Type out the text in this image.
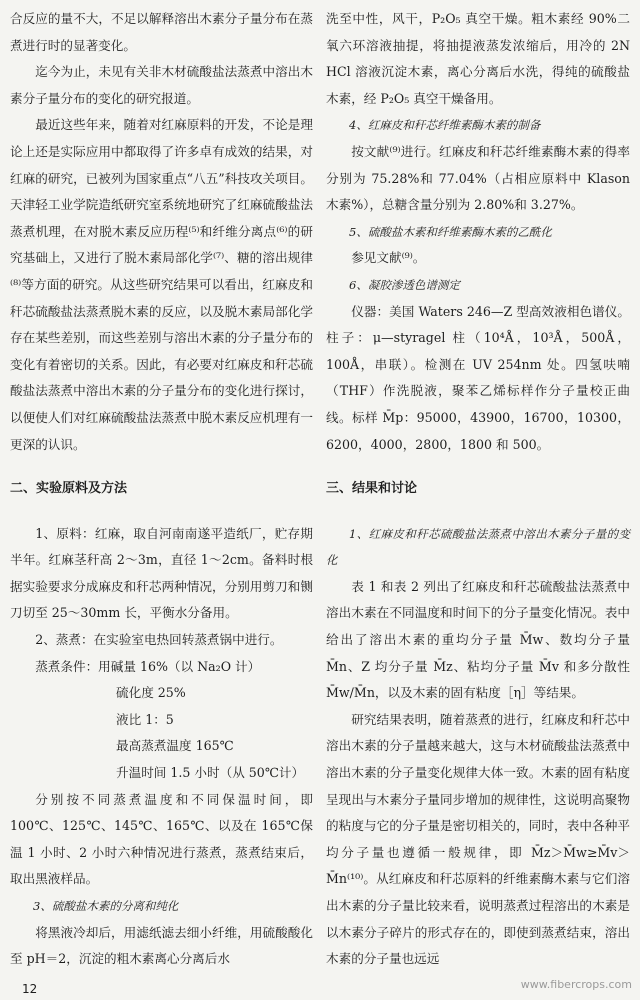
合反应的量不大，不足以解释溶出木素分子量分布在蒸煮进行时的显著变化。

迄今为止，未见有关非木材硫酸盐法蒸煮中溶出木素分子量分布的变化的研究报道。

最近这些年来，随着对红麻原料的开发，不论是理论上还是实际应用中都取得了许多卓有成效的结果，对红麻的研究，已被列为国家重点“八五”科技攻关项目。天津轻工业学院造纸研究室系统地研究了红麻硫酸盐法蒸煮机理，在对脱木素反应历程⁽⁵⁾和纤维分离点⁽⁶⁾的研究基础上，又进行了脱木素局部化学⁽⁷⁾、糖的溶出规律⁽⁸⁾等方面的研究。从这些研究结果可以看出，红麻皮和秆芯硫酸盐法蒸煮脱木素的反应，以及脱木素局部化学存在某些差别，而这些差别与溶出木素的分子量分布的变化有着密切的关系。因此，有必要对红麻皮和秆芯硫酸盐法蒸煮中溶出木素的分子量分布的变化进行探讨，以便使人们对红麻硫酸盐法蒸煮中脱木素反应机理有一更深的认识。

二、实验原料及方法

1、原料：红麻，取自河南南遂平造纸厂，贮存期半年。红麻茎秆高 2～3m，直径 1～2cm。备料时根据实验要求分成麻皮和秆芯两种情况，分别用剪刀和铡刀切至 25～30mm 长，平衡水分备用。

2、蒸煮：在实验室电热回转蒸煮锅中进行。

蒸煮条件：用碱量 16%（以 Na₂O 计）

硫化度 25%

液比 1：5

最高蒸煮温度 165℃

升温时间 1.5 小时（从 50℃计）

分别按不同蒸煮温度和不同保温时间，即 100℃、125℃、145℃、165℃、以及在 165℃保温 1 小时、2 小时六种情况进行蒸煮，蒸煮结束后，取出黑液样品。

3、硫酸盐木素的分离和纯化

将黑液冷却后，用滤纸滤去细小纤维，用硫酸酸化至 pH＝2，沉淀的粗木素离心分离后水

洗至中性，风干，P₂O₅ 真空干燥。粗木素经 90%二氧六环溶液抽提，将抽提液蒸发浓缩后，用冷的 2N HCl 溶液沉淀木素，离心分离后水洗，得纯的硫酸盐木素，经 P₂O₅ 真空干燥备用。

4、红麻皮和秆芯纤维素酶木素的制备

按文献⁽⁹⁾进行。红麻皮和秆芯纤维素酶木素的得率分别为 75.28%和 77.04%（占相应原料中 Klason 木素%），总糖含量分别为 2.80%和 3.27%。

5、硫酸盐木素和纤维素酶木素的乙酰化

参见文献⁽⁹⁾。

6、凝胶渗透色谱测定

仪器：美国 Waters 246—Z 型高效液相色谱仪。柱子：μ—styragel 柱（10⁴Å，10³Å，500Å，100Å，串联）。检测在 UV 254nm 处。四氢呋喃（THF）作洗脱液，聚苯乙烯标样作分子量校正曲线。标样 M̄p：95000，43900，16700，10300，6200，4000，2800，1800 和 500。

三、结果和讨论

1、红麻皮和秆芯硫酸盐法蒸煮中溶出木素分子量的变化

表 1 和表 2 列出了红麻皮和秆芯硫酸盐法蒸煮中溶出木素在不同温度和时间下的分子量变化情况。表中给出了溶出木素的重均分子量 M̄w、数均分子量 M̄n、Z 均分子量 M̄z、粘均分子量 M̄v 和多分散性 M̄w/M̄n，以及木素的固有粘度［η］等结果。

研究结果表明，随着蒸煮的进行，红麻皮和秆芯中溶出木素的分子量越来越大，这与木材硫酸盐法蒸煮中溶出木素的分子量变化规律大体一致。木素的固有粘度呈现出与木素分子量同步增加的规律性，这说明高聚物的粘度与它的分子量是密切相关的，同时，表中各种平均分子量也遵循一般规律，即 M̄z＞M̄w≥M̄v＞M̄n⁽¹⁰⁾。从红麻皮和秆芯原料的纤维素酶木素与它们溶出木素的分子量比较来看，说明蒸煮过程溶出的木素是以木素分子碎片的形式存在的，即使到蒸煮结束，溶出木素的分子量也远远

12	www.fibercrops.com
